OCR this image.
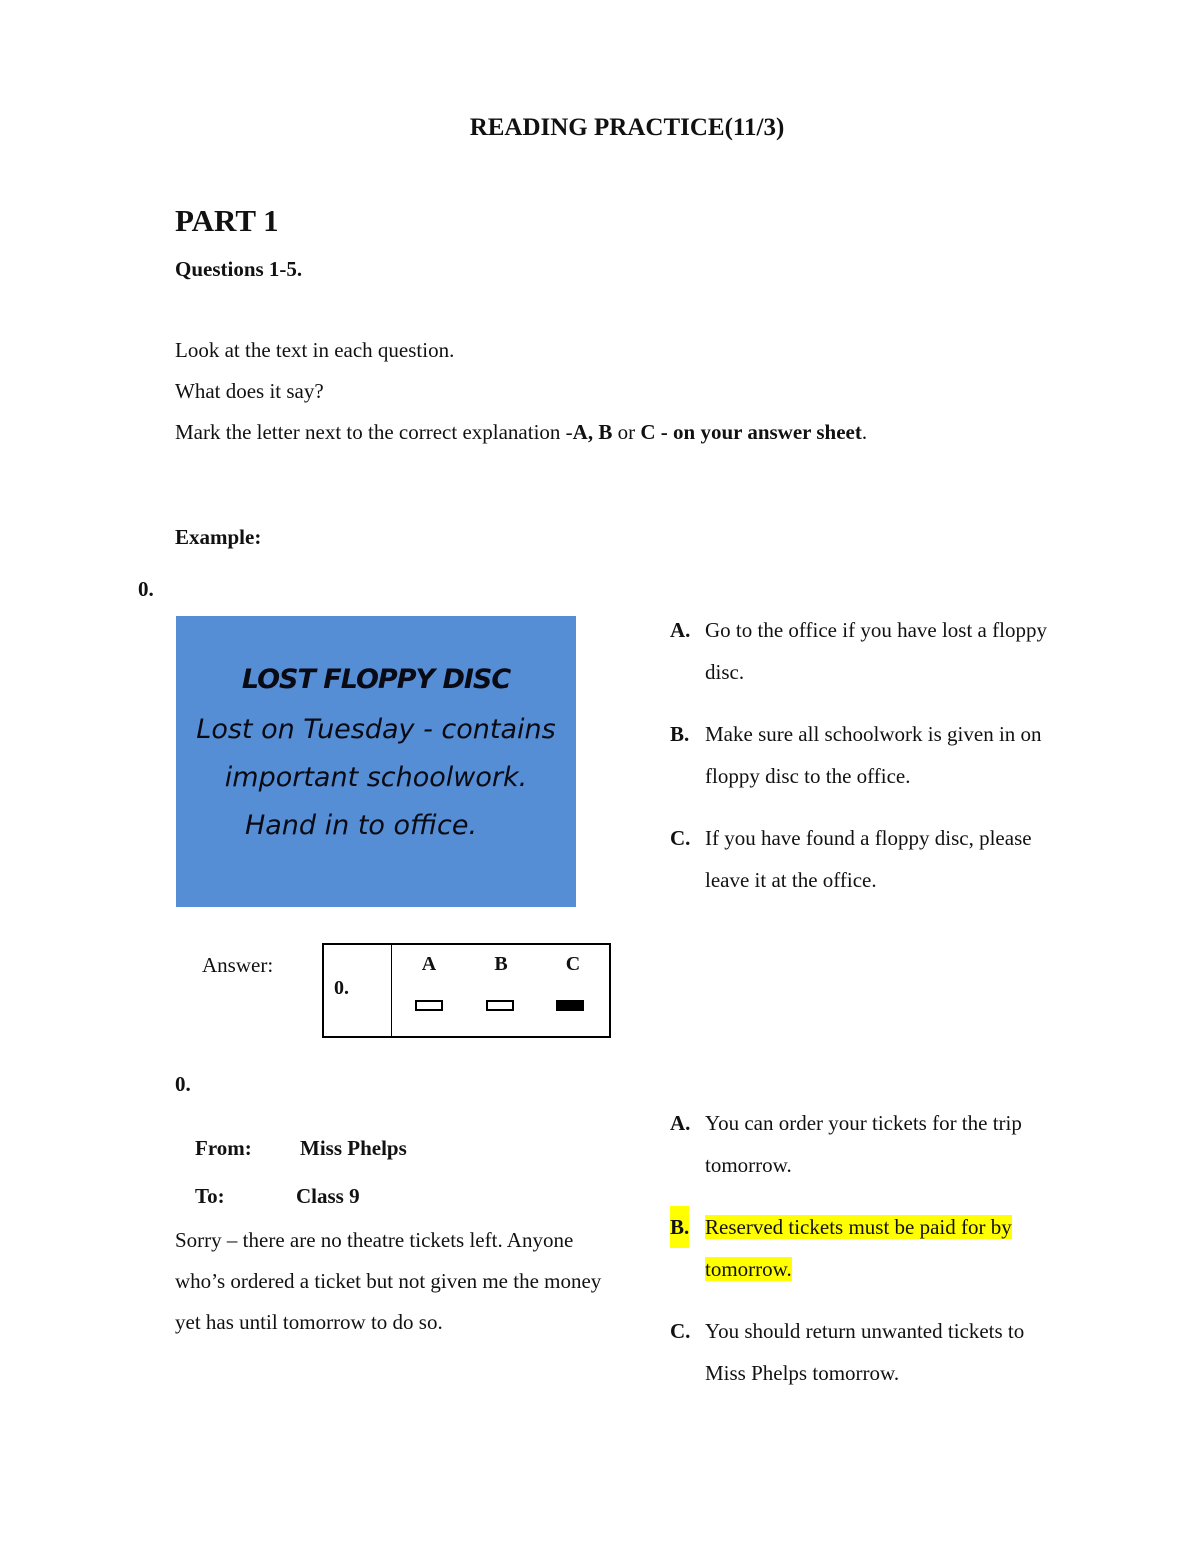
READING PRACTICE(11/3)
PART 1
Questions 1-5.
Look at the text in each question.
What does it say?
Mark the letter next to the correct explanation -A, B or C - on your answer sheet.
Example:
0.
LOST FLOPPY DISC
Lost on Tuesday - contains
important schoolwork.
Hand in to office.
A. Go to the office if you have lost a floppy disc.
B. Make sure all schoolwork is given in on floppy disc to the office.
C. If you have found a floppy disc, please leave it at the office.
Answer:
0.
A	B	C
0.
From: Miss Phelps
To:	Class 9
Sorry – there are no theatre tickets left. Anyone who’s ordered a ticket but not given me the money yet has until tomorrow to do so.
A. You can order your tickets for the trip tomorrow.
B. Reserved tickets must be paid for by tomorrow.
C. You should return unwanted tickets to Miss Phelps tomorrow.
